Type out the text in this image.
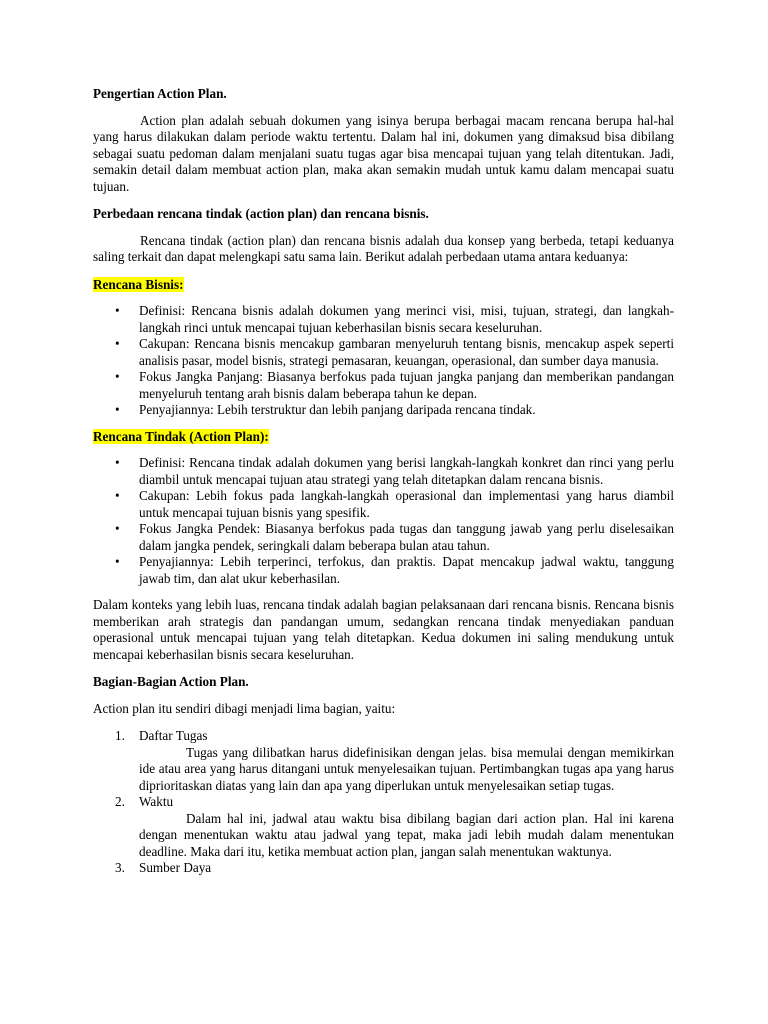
Pengertian Action Plan.

Action plan adalah sebuah dokumen yang isinya berupa berbagai macam rencana berupa hal-hal yang harus dilakukan dalam periode waktu tertentu. Dalam hal ini, dokumen yang dimaksud bisa dibilang sebagai suatu pedoman dalam menjalani suatu tugas agar bisa mencapai tujuan yang telah ditentukan. Jadi, semakin detail dalam membuat action plan, maka akan semakin mudah untuk kamu dalam mencapai suatu tujuan.

Perbedaan rencana tindak (action plan) dan rencana bisnis.

Rencana tindak (action plan) dan rencana bisnis adalah dua konsep yang berbeda, tetapi keduanya saling terkait dan dapat melengkapi satu sama lain. Berikut adalah perbedaan utama antara keduanya:

Rencana Bisnis:
• Definisi: Rencana bisnis adalah dokumen yang merinci visi, misi, tujuan, strategi, dan langkah-langkah rinci untuk mencapai tujuan keberhasilan bisnis secara keseluruhan.
• Cakupan: Rencana bisnis mencakup gambaran menyeluruh tentang bisnis, mencakup aspek seperti analisis pasar, model bisnis, strategi pemasaran, keuangan, operasional, dan sumber daya manusia.
• Fokus Jangka Panjang: Biasanya berfokus pada tujuan jangka panjang dan memberikan pandangan menyeluruh tentang arah bisnis dalam beberapa tahun ke depan.
• Penyajiannya: Lebih terstruktur dan lebih panjang daripada rencana tindak.
Rencana Tindak (Action Plan):
• Definisi: Rencana tindak adalah dokumen yang berisi langkah-langkah konkret dan rinci yang perlu diambil untuk mencapai tujuan atau strategi yang telah ditetapkan dalam rencana bisnis.
• Cakupan: Lebih fokus pada langkah-langkah operasional dan implementasi yang harus diambil untuk mencapai tujuan bisnis yang spesifik.
• Fokus Jangka Pendek: Biasanya berfokus pada tugas dan tanggung jawab yang perlu diselesaikan dalam jangka pendek, seringkali dalam beberapa bulan atau tahun.
• Penyajiannya: Lebih terperinci, terfokus, dan praktis. Dapat mencakup jadwal waktu, tanggung jawab tim, dan alat ukur keberhasilan.

Dalam konteks yang lebih luas, rencana tindak adalah bagian pelaksanaan dari rencana bisnis. Rencana bisnis memberikan arah strategis dan pandangan umum, sedangkan rencana tindak menyediakan panduan operasional untuk mencapai tujuan yang telah ditetapkan. Kedua dokumen ini saling mendukung untuk mencapai keberhasilan bisnis secara keseluruhan.

Bagian-Bagian Action Plan.

Action plan itu sendiri dibagi menjadi lima bagian, yaitu:

1. Daftar Tugas
Tugas yang dilibatkan harus didefinisikan dengan jelas. bisa memulai dengan memikirkan ide atau area yang harus ditangani untuk menyelesaikan tujuan. Pertimbangkan tugas apa yang harus diprioritaskan diatas yang lain dan apa yang diperlukan untuk menyelesaikan setiap tugas.
2. Waktu
Dalam hal ini, jadwal atau waktu bisa dibilang bagian dari action plan. Hal ini karena dengan menentukan waktu atau jadwal yang tepat, maka jadi lebih mudah dalam menentukan deadline. Maka dari itu, ketika membuat action plan, jangan salah menentukan waktunya.
3. Sumber Daya
